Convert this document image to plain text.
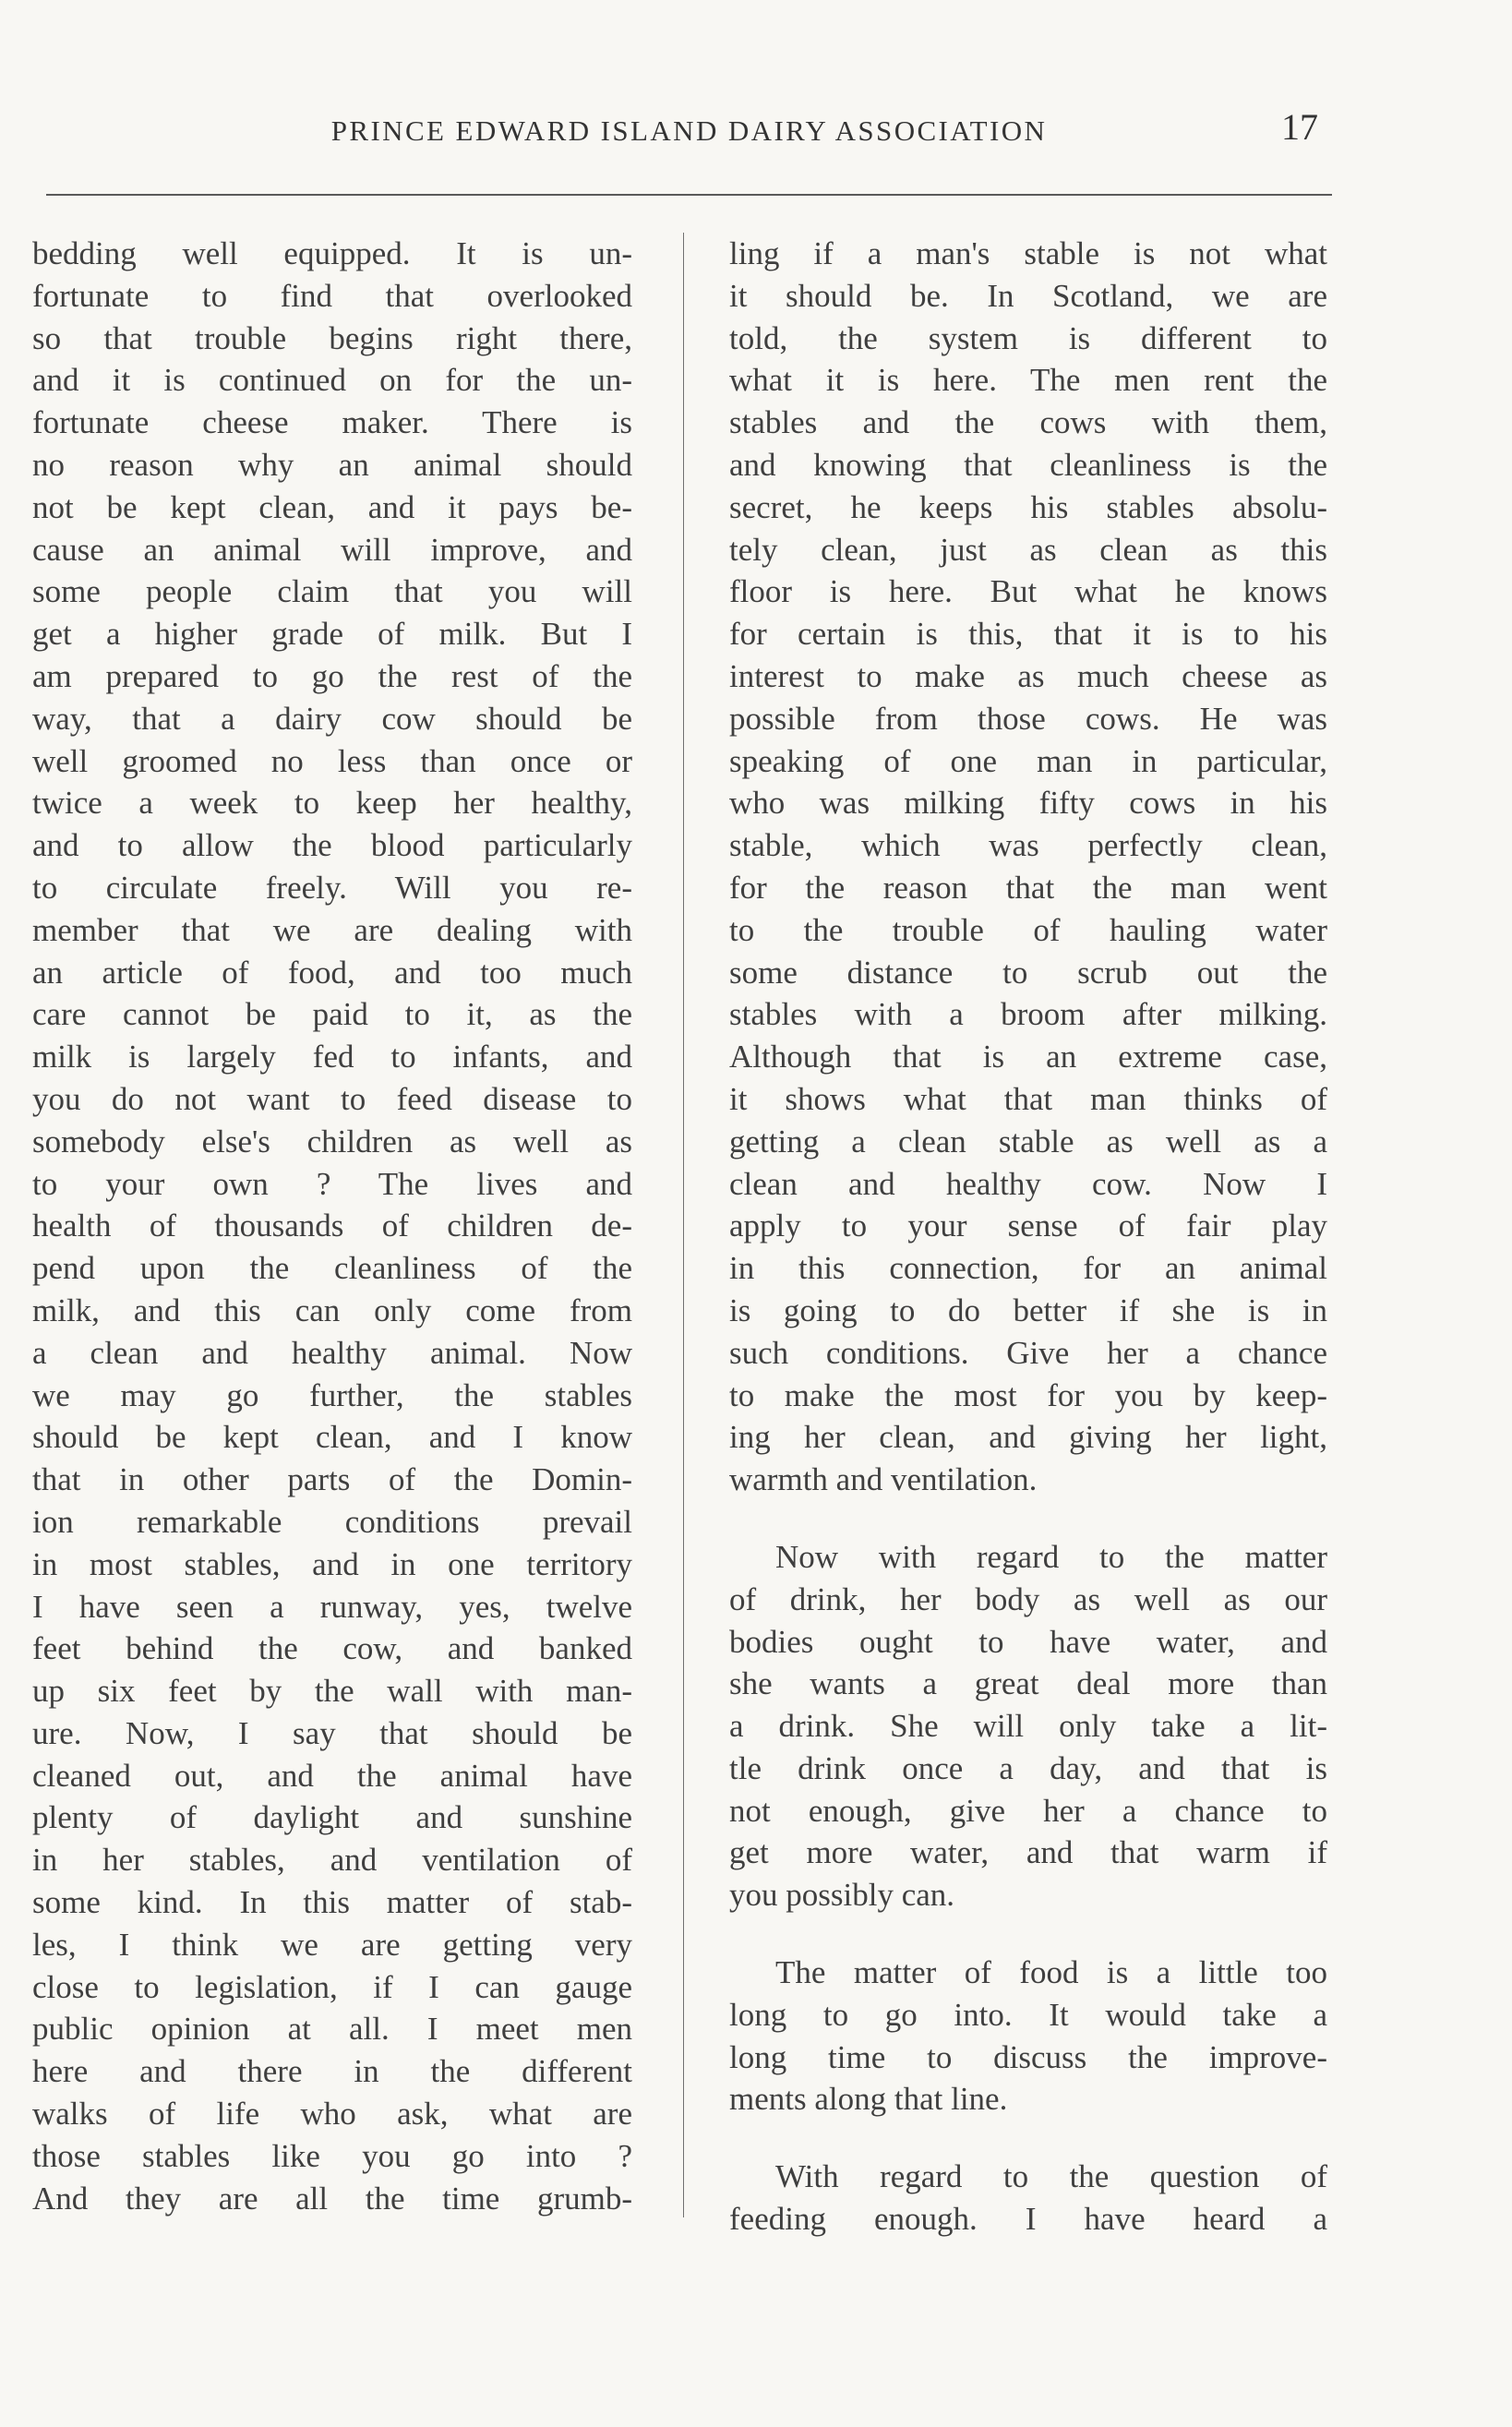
PRINCE EDWARD ISLAND DAIRY ASSOCIATION	17
bedding well equipped. It is un-
fortunate to find that overlooked
so that trouble begins right there,
and it is continued on for the un-
fortunate cheese maker. There is
no reason why an animal should
not be kept clean, and it pays be-
cause an animal will improve, and
some people claim that you will
get a higher grade of milk. But I
am prepared to go the rest of the
way, that a dairy cow should be
well groomed no less than once or
twice a week to keep her healthy,
and to allow the blood particularly
to circulate freely. Will you re-
member that we are dealing with
an article of food, and too much
care cannot be paid to it, as the
milk is largely fed to infants, and
you do not want to feed disease to
somebody else's children as well as
to your own ? The lives and
health of thousands of children de-
pend upon the cleanliness of the
milk, and this can only come from
a clean and healthy animal. Now
we may go further, the stables
should be kept clean, and I know
that in other parts of the Domin-
ion remarkable conditions prevail
in most stables, and in one territory
I have seen a runway, yes, twelve
feet behind the cow, and banked
up six feet by the wall with man-
ure. Now, I say that should be
cleaned out, and the animal have
plenty of daylight and sunshine
in her stables, and ventilation of
some kind. In this matter of stab-
les, I think we are getting very
close to legislation, if I can gauge
public opinion at all. I meet men
here and there in the different
walks of life who ask, what are
those stables like you go into ?
And they are all the time grumb-
ling if a man's stable is not what
it should be. In Scotland, we are
told, the system is different to
what it is here. The men rent the
stables and the cows with them,
and knowing that cleanliness is the
secret, he keeps his stables absolu-
tely clean, just as clean as this
floor is here. But what he knows
for certain is this, that it is to his
interest to make as much cheese as
possible from those cows. He was
speaking of one man in particular,
who was milking fifty cows in his
stable, which was perfectly clean,
for the reason that the man went
to the trouble of hauling water
some distance to scrub out the
stables with a broom after milking.
Although that is an extreme case,
it shows what that man thinks of
getting a clean stable as well as a
clean and healthy cow. Now I
apply to your sense of fair play
in this connection, for an animal
is going to do better if she is in
such conditions. Give her a chance
to make the most for you by keep-
ing her clean, and giving her light,
warmth and ventilation.
Now with regard to the matter
of drink, her body as well as our
bodies ought to have water, and
she wants a great deal more than
a drink. She will only take a lit-
tle drink once a day, and that is
not enough, give her a chance to
get more water, and that warm if
you possibly can.
The matter of food is a little too
long to go into. It would take a
long time to discuss the improve-
ments along that line.
With regard to the question of
feeding enough. I have heard a
